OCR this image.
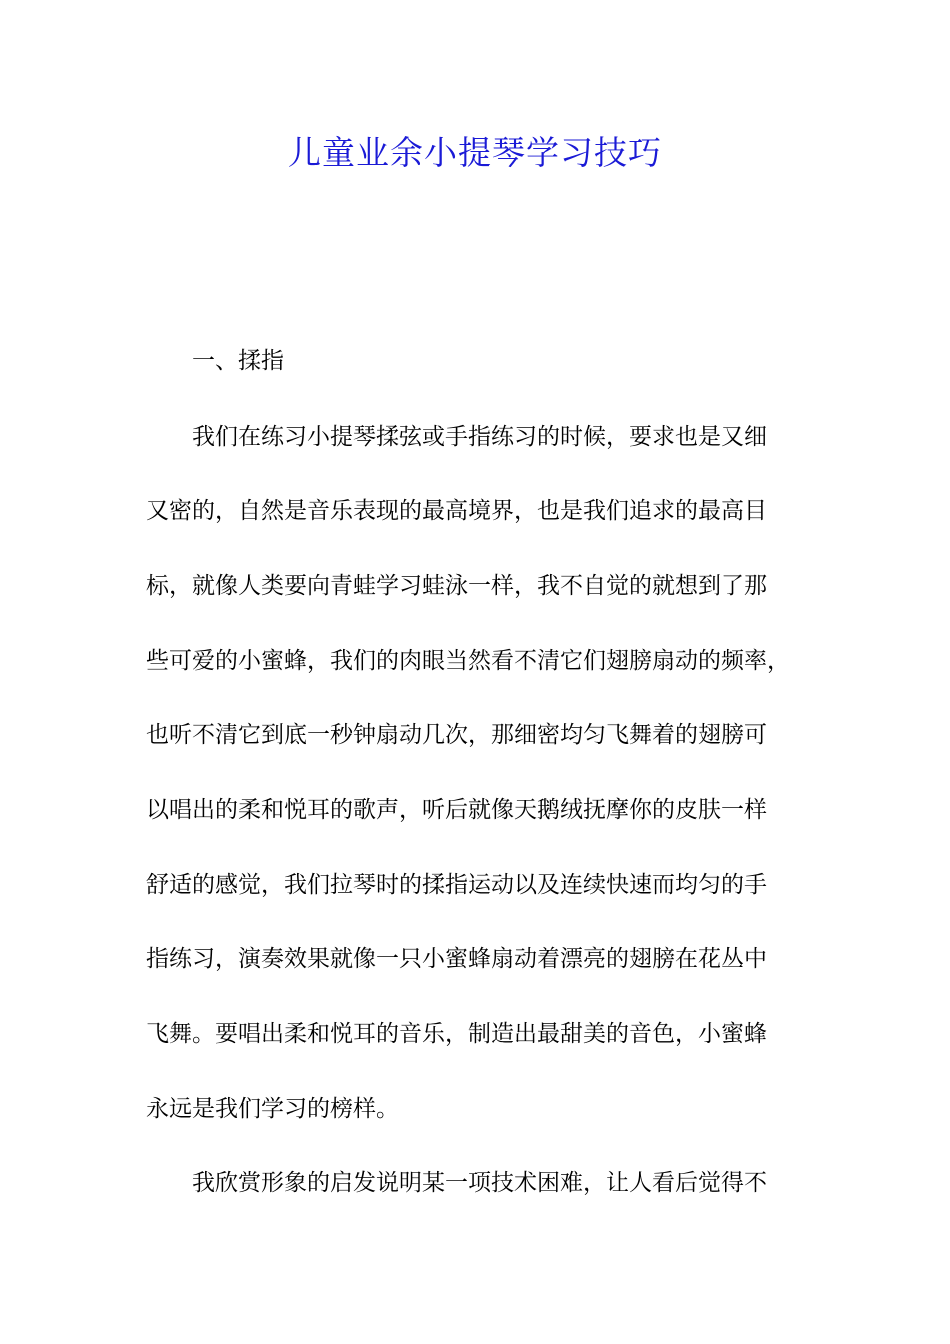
儿童业余小提琴学习技巧
一、揉指
我们在练习小提琴揉弦或手指练习的时候，要求也是又细
又密的，自然是音乐表现的最高境界，也是我们追求的最高目
标，就像人类要向青蛙学习蛙泳一样，我不自觉的就想到了那
些可爱的小蜜蜂，我们的肉眼当然看不清它们翅膀扇动的频率，
也听不清它到底一秒钟扇动几次，那细密均匀飞舞着的翅膀可
以唱出的柔和悦耳的歌声，听后就像天鹅绒抚摩你的皮肤一样
舒适的感觉，我们拉琴时的揉指运动以及连续快速而均匀的手
指练习，演奏效果就像一只小蜜蜂扇动着漂亮的翅膀在花丛中
飞舞。要唱出柔和悦耳的音乐，制造出最甜美的音色，小蜜蜂
永远是我们学习的榜样。
我欣赏形象的启发说明某一项技术困难，让人看后觉得不
